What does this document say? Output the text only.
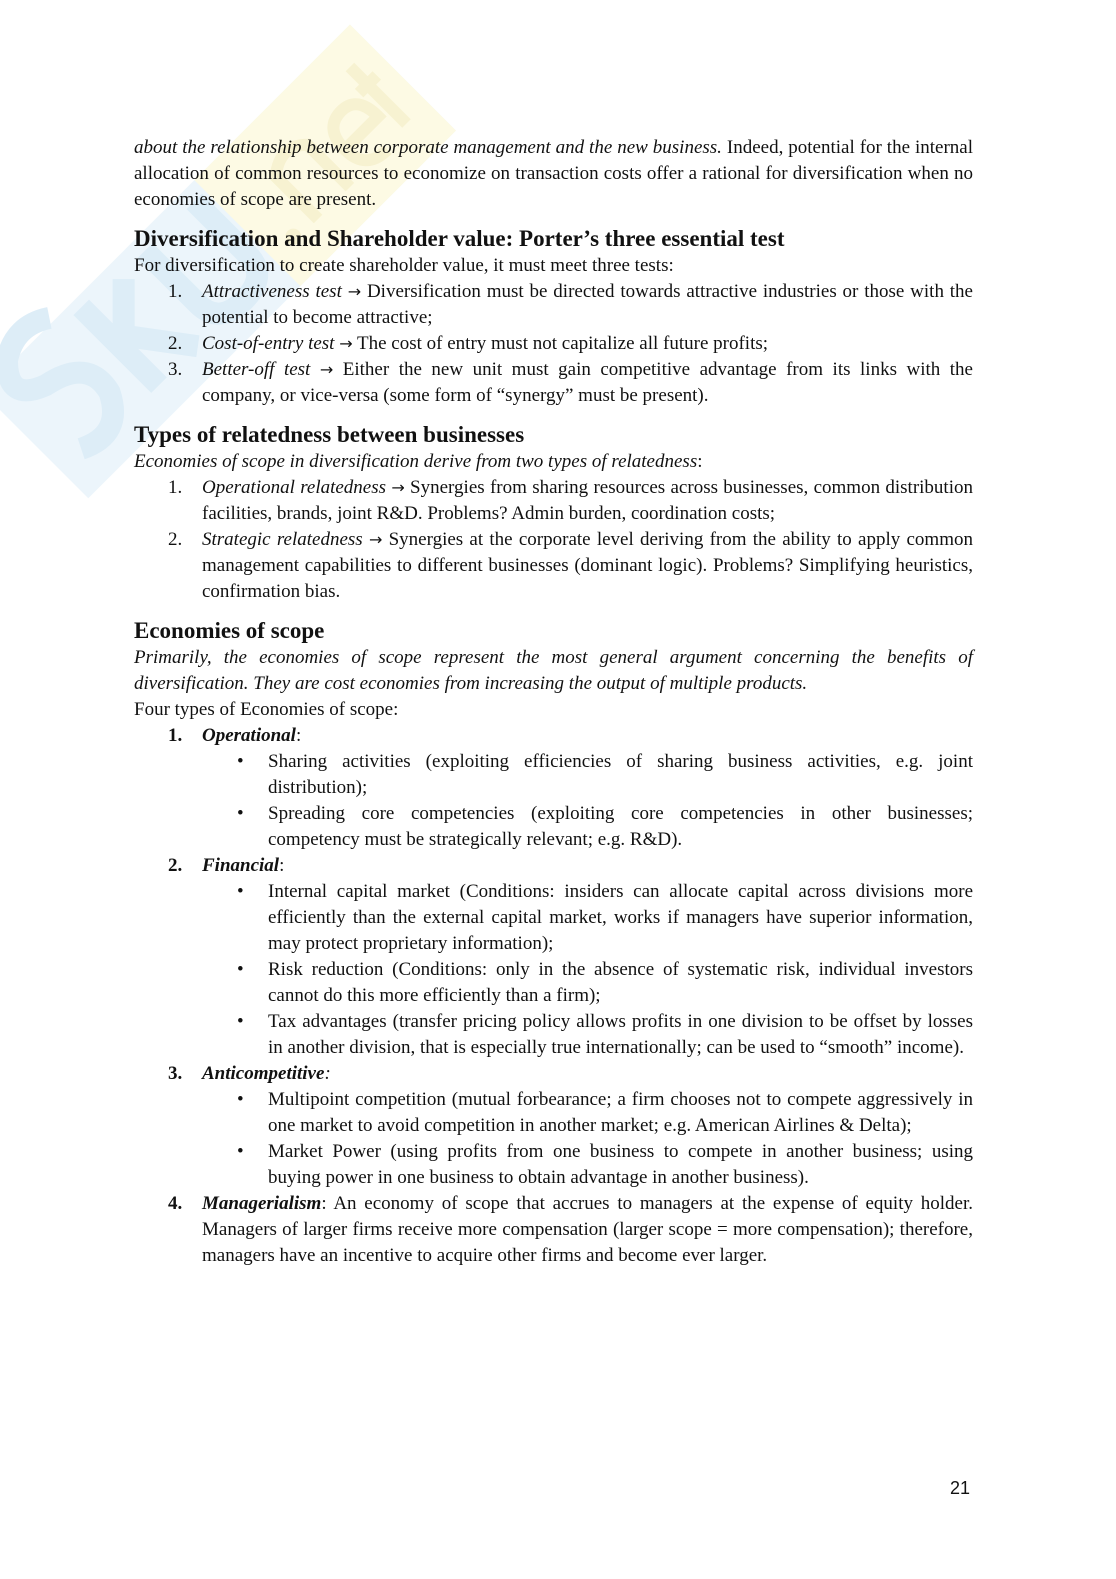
about the relationship between corporate management and the new business. Indeed, potential for the internal allocation of common resources to economize on transaction costs offer a rational for diversification when no economies of scope are present.

Diversification and Shareholder value: Porter’s three essential test
For diversification to create shareholder value, it must meet three tests:
1. Attractiveness test → Diversification must be directed towards attractive industries or those with the potential to become attractive;
2. Cost-of-entry test → The cost of entry must not capitalize all future profits;
3. Better-off test → Either the new unit must gain competitive advantage from its links with the company, or vice-versa (some form of “synergy” must be present).
Types of relatedness between businesses
Economies of scope in diversification derive from two types of relatedness:
1. Operational relatedness → Synergies from sharing resources across businesses, common distribution facilities, brands, joint R&D. Problems? Admin burden, coordination costs;
2. Strategic relatedness → Synergies at the corporate level deriving from the ability to apply common management capabilities to different businesses (dominant logic). Problems? Simplifying heuristics, confirmation bias.
Economies of scope
Primarily, the economies of scope represent the most general argument concerning the benefits of diversification. They are cost economies from increasing the output of multiple products.
Four types of Economies of scope:
1. Operational:
• Sharing activities (exploiting efficiencies of sharing business activities, e.g. joint distribution);
• Spreading core competencies (exploiting core competencies in other businesses; competency must be strategically relevant; e.g. R&D).
2. Financial:
• Internal capital market (Conditions: insiders can allocate capital across divisions more efficiently than the external capital market, works if managers have superior information, may protect proprietary information);
• Risk reduction (Conditions: only in the absence of systematic risk, individual investors cannot do this more efficiently than a firm);
• Tax advantages (transfer pricing policy allows profits in one division to be offset by losses in another division, that is especially true internationally; can be used to “smooth” income).
3. Anticompetitive:
• Multipoint competition (mutual forbearance; a firm chooses not to compete aggressively in one market to avoid competition in another market; e.g. American Airlines & Delta);
• Market Power (using profits from one business to compete in another business; using buying power in one business to obtain advantage in another business).
4. Managerialism: An economy of scope that accrues to managers at the expense of equity holder. Managers of larger firms receive more compensation (larger scope = more compensation); therefore, managers have an incentive to acquire other firms and become ever larger.
21
